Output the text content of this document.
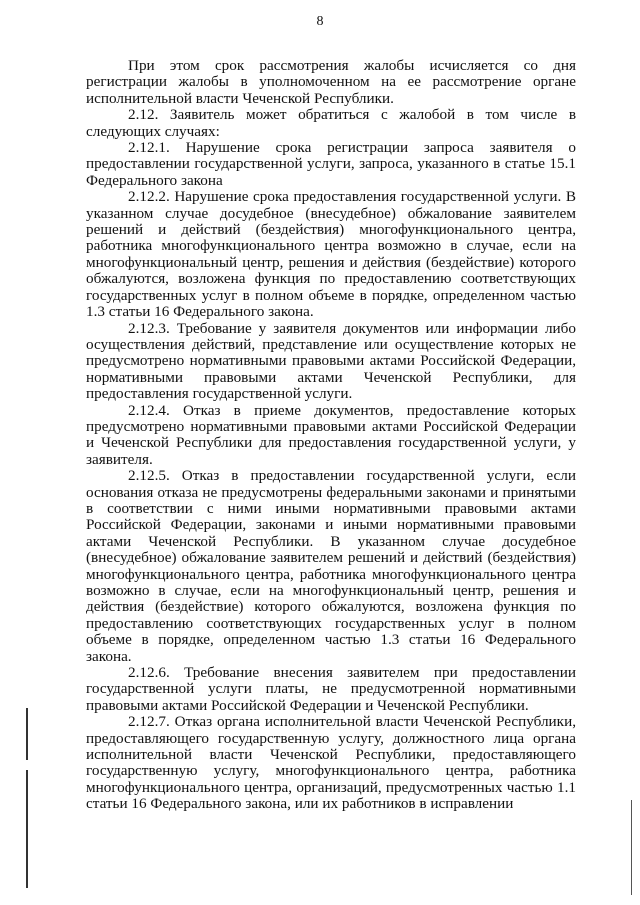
8

При этом срок рассмотрения жалобы исчисляется со дня регистрации жалобы в уполномоченном на ее рассмотрение органе исполнительной власти Чеченской Республики.

2.12. Заявитель может обратиться с жалобой в том числе в следующих случаях:

2.12.1. Нарушение срока регистрации запроса заявителя о предоставлении государственной услуги, запроса, указанного в статье 15.1 Федерального закона

2.12.2. Нарушение срока предоставления государственной услуги. В указанном случае досудебное (внесудебное) обжалование заявителем решений и действий (бездействия) многофункционального центра, работника многофункционального центра возможно в случае, если на многофункциональный центр, решения и действия (бездействие) которого обжалуются, возложена функция по предоставлению соответствующих государственных услуг в полном объеме в порядке, определенном частью 1.3 статьи 16 Федерального закона.

2.12.3. Требование у заявителя документов или информации либо осуществления действий, представление или осуществление которых не предусмотрено нормативными правовыми актами Российской Федерации, нормативными правовыми актами Чеченской Республики, для предоставления государственной услуги.

2.12.4. Отказ в приеме документов, предоставление которых предусмотрено нормативными правовыми актами Российской Федерации и Чеченской Республики для предоставления государственной услуги, у заявителя.

2.12.5. Отказ в предоставлении государственной услуги, если основания отказа не предусмотрены федеральными законами и принятыми в соответствии с ними иными нормативными правовыми актами Российской Федерации, законами и иными нормативными правовыми актами Чеченской Республики. В указанном случае досудебное (внесудебное) обжалование заявителем решений и действий (бездействия) многофункционального центра, работника многофункционального центра возможно в случае, если на многофункциональный центр, решения и действия (бездействие) которого обжалуются, возложена функция по предоставлению соответствующих государственных услуг в полном объеме в порядке, определенном частью 1.3 статьи 16 Федерального закона.

2.12.6. Требование внесения заявителем при предоставлении государственной услуги платы, не предусмотренной нормативными правовыми актами Российской Федерации и Чеченской Республики.

2.12.7. Отказ органа исполнительной власти Чеченской Республики, предоставляющего государственную услугу, должностного лица органа исполнительной власти Чеченской Республики, предоставляющего государственную услугу, многофункционального центра, работника многофункционального центра, организаций, предусмотренных частью 1.1 статьи 16 Федерального закона, или их работников в исправлении
